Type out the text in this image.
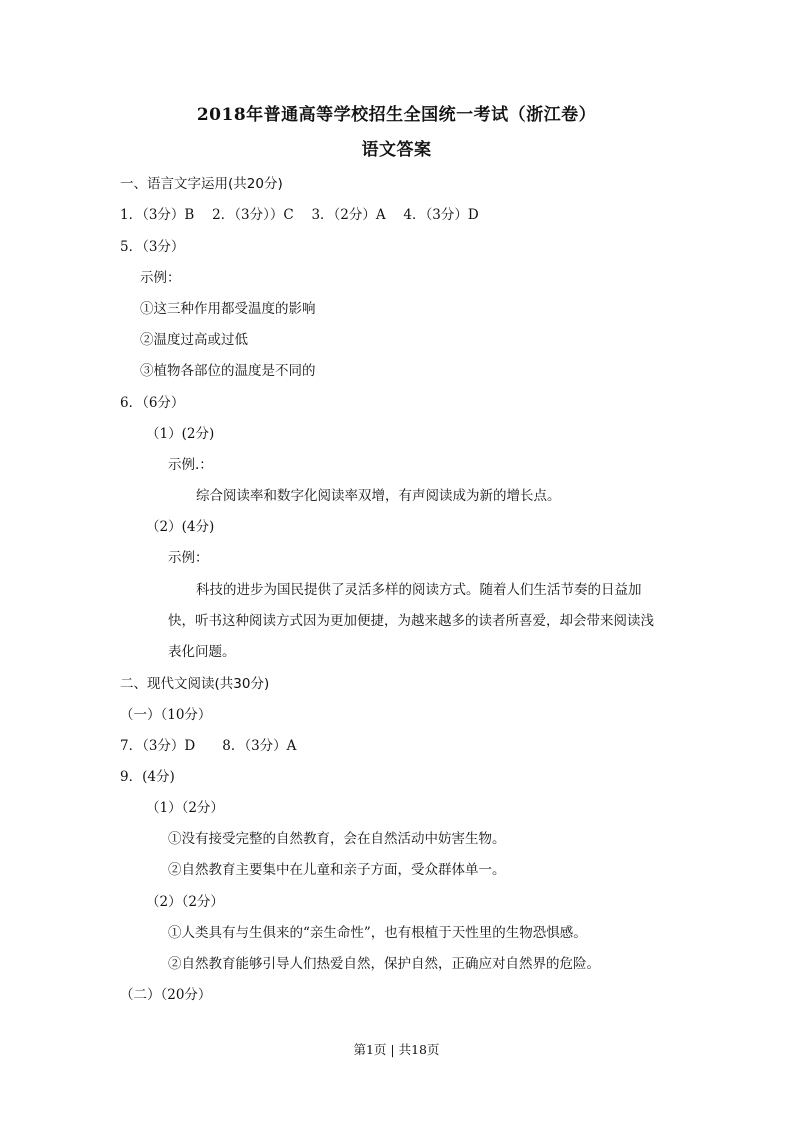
2018年普通高等学校招生全国统一考试（浙江卷）
语文答案
一、语言文字运用(共20分)
1．（3分）B　 2．（3分））C　 3．（2分）A　 4．（3分）D
5．（3分）
示例：
①这三种作用都受温度的影响
②温度过高或过低
③植物各部位的温度是不同的
6．（6分）
（1）(2分)
示例.：
综合阅读率和数字化阅读率双增，有声阅读成为新的增长点。
（2）(4分)
示例：
科技的进步为国民提供了灵活多样的阅读方式。随着人们生活节奏的日益加
快，听书这种阅读方式因为更加便捷，为越来越多的读者所喜爱，却会带来阅读浅
表化问题。
二、现代文阅读(共30分)
（一）（10分）
7．（3分）D　　8．（3分）A
9．(4分)
（1）（2分）
①没有接受完整的自然教育，会在自然活动中妨害生物。
②自然教育主要集中在儿童和亲子方面，受众群体单一。
（2）（2分）
①人类具有与生俱来的“亲生命性”，也有根植于天性里的生物恐惧感。
②自然教育能够引导人们热爱自然，保护自然，正确应对自然界的危险。
（二）（20分）
第1页 | 共18页
